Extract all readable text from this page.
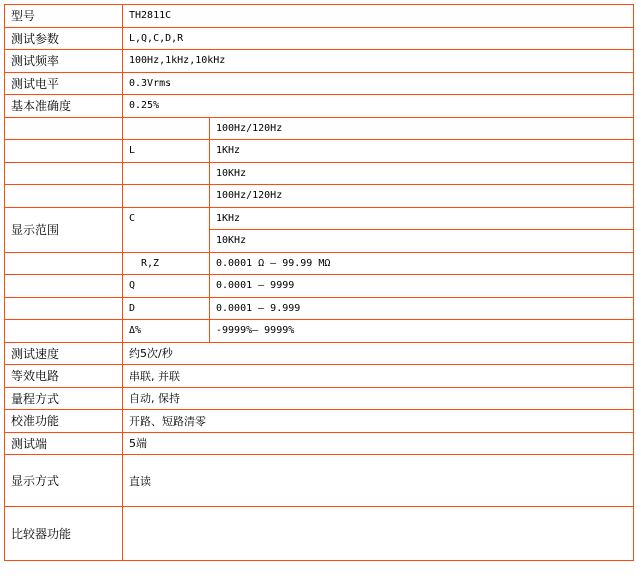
型号	TH2811C	
测试参数	L,Q,C,D,R	
测试频率	100Hz,1kHz,10kHz	
测试电平	0.3Vrms	
基本准确度	0.25%	
		100Hz/120Hz
	L	1KHz
		10KHz
		100Hz/120Hz
显示范围	C	1KHz
		10KHz
	R,Z	0.0001 Ω — 99.99 MΩ
	Q	0.0001 — 9999
	D	0.0001 — 9.999
	Δ%	-9999%— 9999%
测试速度	约5次/秒	
等效电路	串联, 并联	
量程方式	自动, 保持	
校准功能	开路、短路清零	
测试端	5端	
显示方式	直读	
比较器功能		
